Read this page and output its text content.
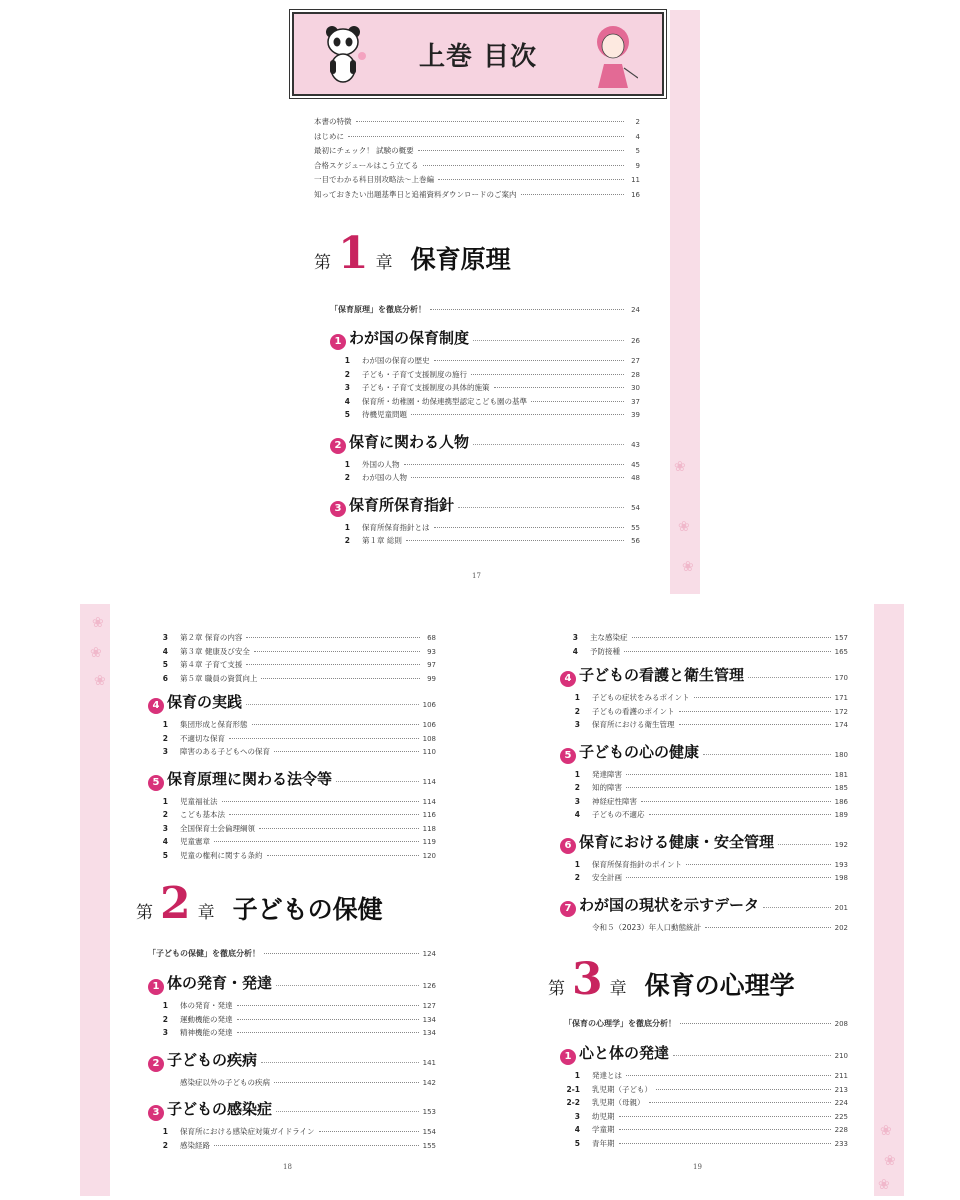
❀
❀
❀
上巻 目次
❀
❀
❀
❀
❀
❀
本書の特徴	2
はじめに	4
最初にチェック！ 試験の概要	5
合格スケジュールはこう立てる	9
一目でわかる科目別攻略法～上巻編	11
知っておきたい出題基準日と追補資料ダウンロードのご案内	16
第 1 章 保育原理
「保育原理」を徹底分析！	24
1 わが国の保育制度	26
1 わが国の保育の歴史	27
2 子ども・子育て支援制度の施行	28
3 子ども・子育て支援制度の具体的施策	30
4 保育所・幼稚園・幼保連携型認定こども園の基準	37
5 待機児童問題	39
2 保育に関わる人物	43
1 外国の人物	45
2 わが国の人物	48
3 保育所保育指針	54
1 保育所保育指針とは	55
2 第１章 総則	56
3 第２章 保育の内容	68
4 第３章 健康及び安全	93
5 第４章 子育て支援	97
6 第５章 職員の資質向上	99
4 保育の実践	106
1 集団形成と保育形態	106
2 不適切な保育	108
3 障害のある子どもへの保育	110
5 保育原理に関わる法令等	114
1 児童福祉法	114
2 こども基本法	116
3 全国保育士会倫理綱領	118
4 児童憲章	119
5 児童の権利に関する条約	120
第 2 章 子どもの保健
「子どもの保健」を徹底分析！	124
1 体の発育・発達	126
1 体の発育・発達	127
2 運動機能の発達	134
3 精神機能の発達	134
2 子どもの疾病	141
感染症以外の子どもの疾病	142
3 子どもの感染症	153
1 保育所における感染症対策ガイドライン	154
2 感染経路	155
3 主な感染症	157
4 予防接種	165
4 子どもの看護と衛生管理	170
1 子どもの症状をみるポイント	171
2 子どもの看護のポイント	172
3 保育所における衛生管理	174
5 子どもの心の健康	180
1 発達障害	181
2 知的障害	185
3 神経症性障害	186
4 子どもの不適応	189
6 保育における健康・安全管理	192
1 保育所保育指針のポイント	193
2 安全計画	198
7 わが国の現状を示すデータ	201
令和５（2023）年人口動態統計	202
第 3 章 保育の心理学
「保育の心理学」を徹底分析！	208
1 心と体の発達	210
1 発達とは	211
2-1 乳児期（子ども）	213
2-2 乳児期（母親）	224
3 幼児期	225
4 学童期	228
5 青年期	233
17
18	19
